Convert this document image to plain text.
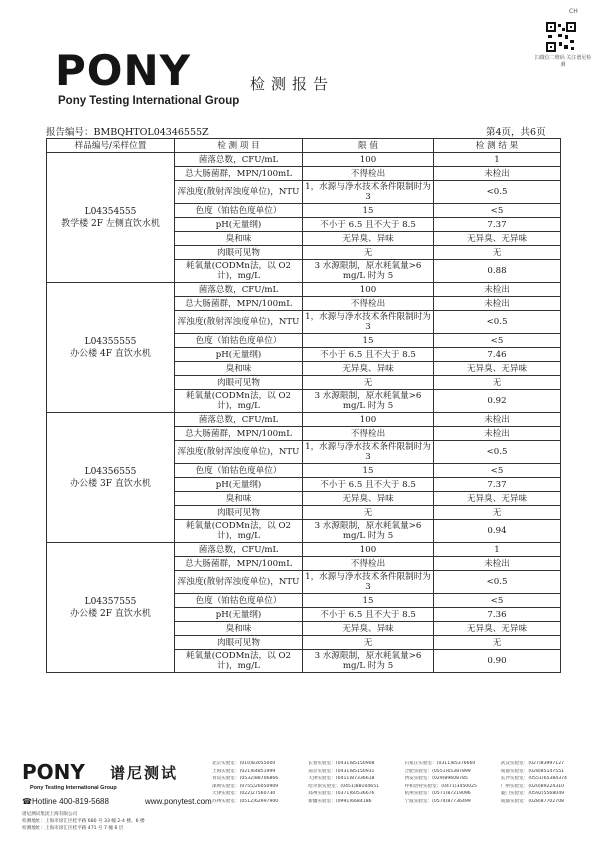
CH
PONY
Pony Testing International Group
检测报告
扫微信二维码 关注谱尼检测
报告编号：BMBQHTOL04346555Z	第4页，共6页
样品编号/采样位置	检 测 项 目	限 值	检 测 结 果

L04354555
教学楼 2F 左侧直饮水机	菌落总数，CFU/mL	100	1
	总大肠菌群，MPN/100mL	不得检出	未检出
	浑浊度(散射浑浊度单位)，NTU	1，水源与净水技术条件限制时为 3	<0.5
	色度（铂钴色度单位）	15	<5
	pH(无量纲)	不小于 6.5 且不大于 8.5	7.37
	臭和味	无异臭、异味	无异臭、无异味
	肉眼可见物	无	无
	耗氧量(CODMn法，以 O2 计)，mg/L	3 水源限制，原水耗氧量>6 mg/L 时为 5	0.88

L04355555
办公楼 4F 直饮水机	菌落总数，CFU/mL	100	未检出
	总大肠菌群，MPN/100mL	不得检出	未检出
	浑浊度(散射浑浊度单位)，NTU	1，水源与净水技术条件限制时为 3	<0.5
	色度（铂钴色度单位）	15	<5
	pH(无量纲)	不小于 6.5 且不大于 8.5	7.46
	臭和味	无异臭、异味	无异臭、无异味
	肉眼可见物	无	无
	耗氧量(CODMn法，以 O2 计)，mg/L	3 水源限制，原水耗氧量>6 mg/L 时为 5	0.92

L04356555
办公楼 3F 直饮水机	菌落总数，CFU/mL	100	未检出
	总大肠菌群，MPN/100mL	不得检出	未检出
	浑浊度(散射浑浊度单位)，NTU	1，水源与净水技术条件限制时为 3	<0.5
	色度（铂钴色度单位）	15	<5
	pH(无量纲)	不小于 6.5 且不大于 8.5	7.37
	臭和味	无异臭、异味	无异臭、无异味
	肉眼可见物	无	无
	耗氧量(CODMn法，以 O2 计)，mg/L	3 水源限制，原水耗氧量>6 mg/L 时为 5	0.94

L04357555
办公楼 2F 直饮水机	菌落总数，CFU/mL	100	1
	总大肠菌群，MPN/100mL	不得检出	未检出
	浑浊度(散射浑浊度单位)，NTU	1，水源与净水技术条件限制时为 3	<0.5
	色度（铂钴色度单位）	15	<5
	pH(无量纲)	不小于 6.5 且不大于 8.5	7.36
	臭和味	无异臭、异味	无异臭、无异味
	肉眼可见物	无	无
	耗氧量(CODMn法，以 O2 计)，mg/L	3 水源限制，原水耗氧量>6 mg/L 时为 5	0.90
PONY 谱尼测试
Pony Testing International Group
☎Hotline 400-819-5688	www.ponytest.com
谱尼测试集团上海有限公司
检测地址：上海市徐汇区桂平路 680 号 33 幢 2-4 楼、6 楼
检测地址：上海市徐汇区桂平路 471 号 7 幢 6 层
北京实验室：(010)83055000	长春实验室：(0431)85150908	石家庄实验室：(0311)85376660	武汉实验室：(027)83997127
上海实验室：(021)64851999	南京实验室：(0431)85150931	合肥实验室：(0551)65387899	成都实验室：(028)85147551
青岛实验室：(0532)88706866	天津实验室：(0411)87336618	西安实验室：(029)89608785	长沙实验室：(0551)65384374
深圳实验室：(0755)26050909	哈尔滨实验室：(0451)88104651	呼和浩特实验室：(0471)3450025	广州实验室：(020)89224310
天津实验室：(022)27560730	郑州实验室：(0371)60536676	杭州实验室：(0571)87219096	厦门实验室：(0592)5568049
苏州实验室：(0512)62997900	新疆实验室：(0991)6684186	宁波实验室：(0574)87736499	成都实验室：(028)87702708
